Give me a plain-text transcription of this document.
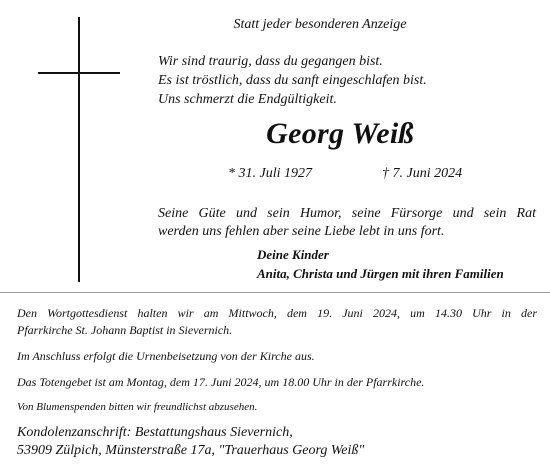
Statt jeder besonderen Anzeige
Wir sind traurig, dass du gegangen bist.
Es ist tröstlich, dass du sanft eingeschlafen bist.
Uns schmerzt die Endgültigkeit.
Georg Weiß
* 31. Juli 1927	† 7. Juni 2024
Seine Güte und sein Humor, seine Fürsorge und sein Rat
werden uns fehlen aber seine Liebe lebt in uns fort.
Deine Kinder
Anita, Christa und Jürgen mit ihren Familien
Den Wortgottesdienst halten wir am Mittwoch, dem 19. Juni 2024, um 14.30 Uhr in der
Pfarrkirche St. Johann Baptist in Sievernich.
Im Anschluss erfolgt die Urnenbeisetzung von der Kirche aus.
Das Totengebet ist am Montag, dem 17. Juni 2024, um 18.00 Uhr in der Pfarrkirche.
Von Blumenspenden bitten wir freundlichst abzusehen.
Kondolenzanschrift: Bestattungshaus Sievernich,
53909 Zülpich, Münsterstraße 17a, "Trauerhaus Georg Weiß"
